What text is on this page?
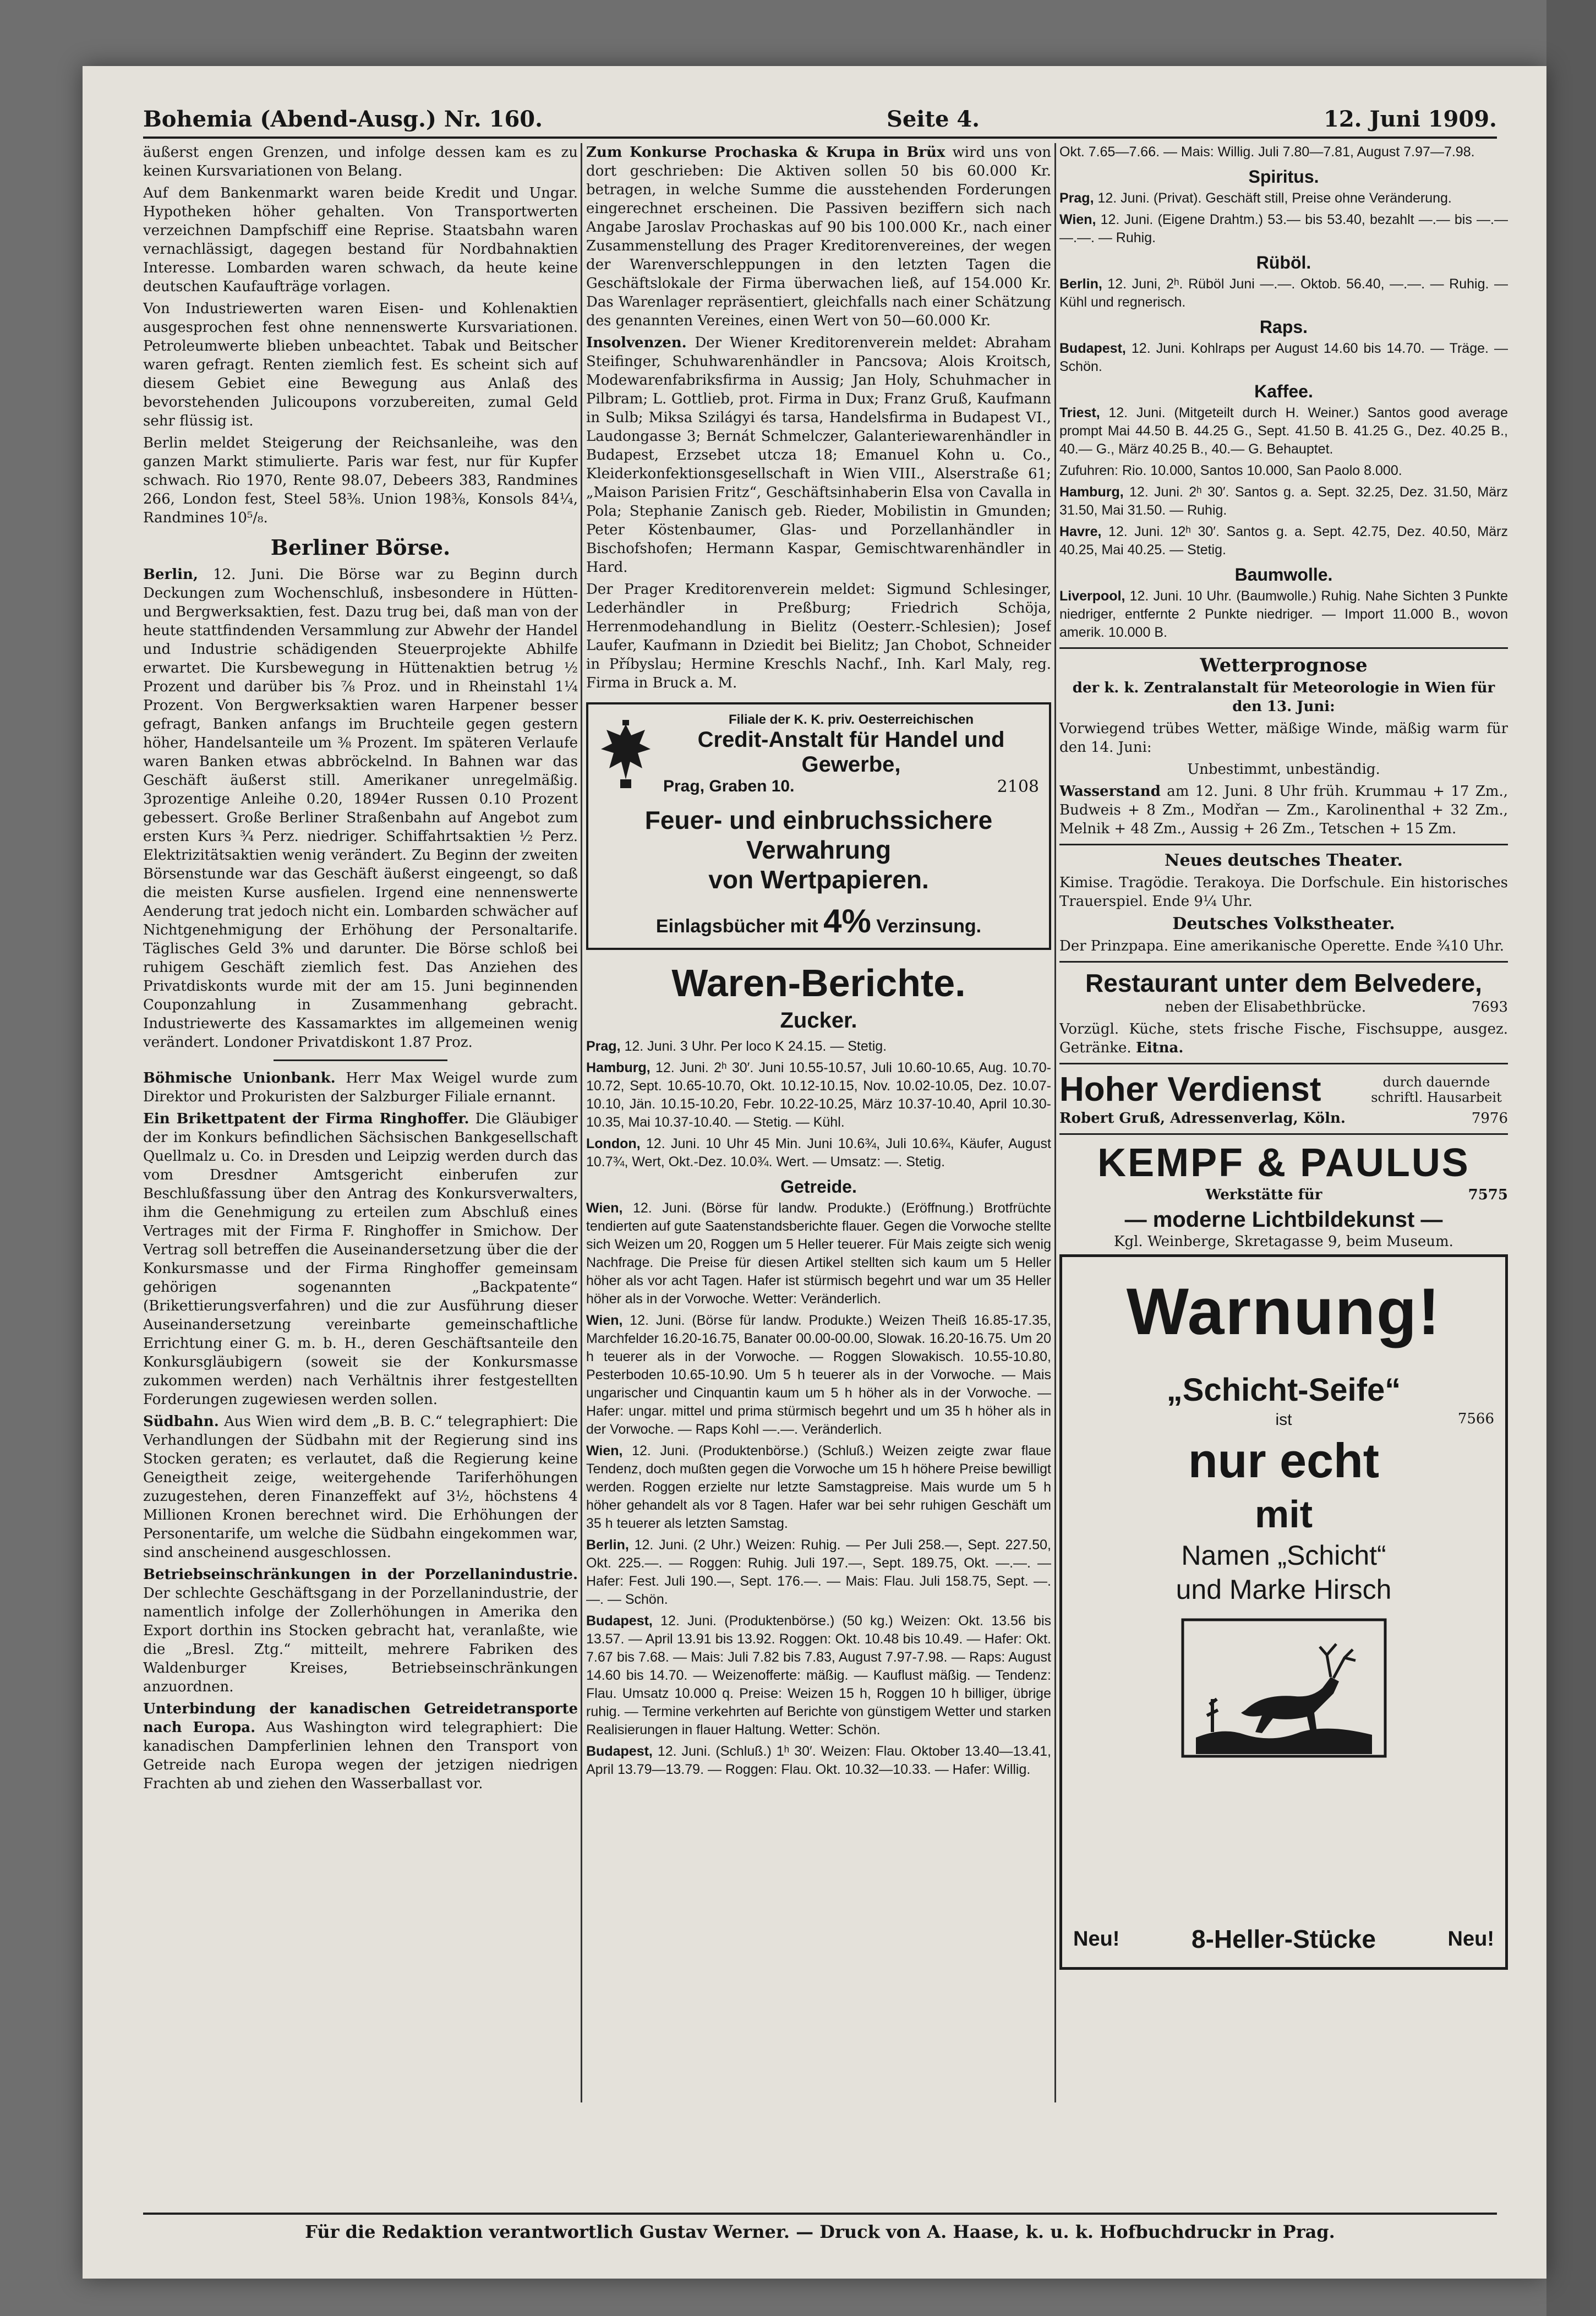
Bohemia (Abend-Ausg.) Nr. 160.	Seite 4.	12. Juni 1909.

äußerst engen Grenzen, und infolge dessen kam es zu keinen Kursvariationen von Belang.

Auf dem Bankenmarkt waren beide Kredit und Ungar. Hypotheken höher gehalten. Von Transportwerten verzeichnen Dampfschiff eine Reprise. Staatsbahn waren vernachlässigt, dagegen bestand für Nordbahnaktien Interesse. Lombarden waren schwach, da heute keine deutschen Kaufaufträge vorlagen.

Von Industriewerten waren Eisen- und Kohlenaktien ausgesprochen fest ohne nennenswerte Kursvariationen. Petroleumwerte blieben unbeachtet. Tabak und Beitscher waren gefragt. Renten ziemlich fest. Es scheint sich auf diesem Gebiet eine Bewegung aus Anlaß des bevorstehenden Julicoupons vorzubereiten, zumal Geld sehr flüssig ist.

Berlin meldet Steigerung der Reichsanleihe, was den ganzen Markt stimulierte. Paris war fest, nur für Kupfer schwach. Rio 1970, Rente 98.07, Debeers 383, Randmines 266, London fest, Steel 58⅜. Union 198⅜, Konsols 84¼, Randmines 10⁵/₈.

Berliner Börse.

Berlin, 12. Juni. Die Börse war zu Beginn durch Deckungen zum Wochenschluß, insbesondere in Hütten- und Bergwerksaktien, fest. Dazu trug bei, daß man von der heute stattfindenden Versammlung zur Abwehr der Handel und Industrie schädigenden Steuerprojekte Abhilfe erwartet. Die Kursbewegung in Hüttenaktien betrug ½ Prozent und darüber bis ⅞ Proz. und in Rheinstahl 1¼ Prozent. Von Bergwerksaktien waren Harpener besser gefragt, Banken anfangs im Bruchteile gegen gestern höher, Handelsanteile um ⅜ Prozent. Im späteren Verlaufe waren Banken etwas abbröckelnd. In Bahnen war das Geschäft äußerst still. Amerikaner unregelmäßig. 3prozentige Anleihe 0.20, 1894er Russen 0.10 Prozent gebessert. Große Berliner Straßenbahn auf Angebot zum ersten Kurs ¾ Perz. niedriger. Schiffahrtsaktien ½ Perz. Elektrizitätsaktien wenig verändert. Zu Beginn der zweiten Börsenstunde war das Geschäft äußerst eingeengt, so daß die meisten Kurse ausfielen. Irgend eine nennenswerte Aenderung trat jedoch nicht ein. Lombarden schwächer auf Nichtgenehmigung der Erhöhung der Personaltarife. Täglisches Geld 3% und darunter. Die Börse schloß bei ruhigem Geschäft ziemlich fest. Das Anziehen des Privatdiskonts wurde mit der am 15. Juni beginnenden Couponzahlung in Zusammenhang gebracht. Industriewerte des Kassamarktes im allgemeinen wenig verändert. Londoner Privatdiskont 1.87 Proz.

Böhmische Unionbank. Herr Max Weigel wurde zum Direktor und Prokuristen der Salzburger Filiale ernannt.

Ein Brikettpatent der Firma Ringhoffer. Die Gläubiger der im Konkurs befindlichen Sächsischen Bankgesellschaft Quellmalz u. Co. in Dresden und Leipzig werden durch das vom Dresdner Amtsgericht einberufen zur Beschlußfassung über den Antrag des Konkursverwalters, ihm die Genehmigung zu erteilen zum Abschluß eines Vertrages mit der Firma F. Ringhoffer in Smichow. Der Vertrag soll betreffen die Auseinandersetzung über die der Konkursmasse und der Firma Ringhoffer gemeinsam gehörigen sogenannten „Backpatente“ (Brikettierungsverfahren) und die zur Ausführung dieser Auseinandersetzung vereinbarte gemeinschaftliche Errichtung einer G. m. b. H., deren Geschäftsanteile den Konkursgläubigern (soweit sie der Konkursmasse zukommen werden) nach Verhältnis ihrer festgestellten Forderungen zugewiesen werden sollen.

Südbahn. Aus Wien wird dem „B. B. C.“ telegraphiert: Die Verhandlungen der Südbahn mit der Regierung sind ins Stocken geraten; es verlautet, daß die Regierung keine Geneigtheit zeige, weitergehende Tariferhöhungen zuzugestehen, deren Finanzeffekt auf 3½, höchstens 4 Millionen Kronen berechnet wird. Die Erhöhungen der Personentarife, um welche die Südbahn eingekommen war, sind anscheinend ausgeschlossen.

Betriebseinschränkungen in der Porzellanindustrie. Der schlechte Geschäftsgang in der Porzellanindustrie, der namentlich infolge der Zollerhöhungen in Amerika den Export dorthin ins Stocken gebracht hat, veranlaßte, wie die „Bresl. Ztg.“ mitteilt, mehrere Fabriken des Waldenburger Kreises, Betriebseinschränkungen anzuordnen.

Unterbindung der kanadischen Getreidetransporte nach Europa. Aus Washington wird telegraphiert: Die kanadischen Dampferlinien lehnen den Transport von Getreide nach Europa wegen der jetzigen niedrigen Frachten ab und ziehen den Wasserballast vor.

Zum Konkurse Prochaska & Krupa in Brüx wird uns von dort geschrieben: Die Aktiven sollen 50 bis 60.000 Kr. betragen, in welche Summe die ausstehenden Forderungen eingerechnet erscheinen. Die Passiven beziffern sich nach Angabe Jaroslav Prochaskas auf 90 bis 100.000 Kr., nach einer Zusammenstellung des Prager Kreditorenvereines, der wegen der Warenverschleppungen in den letzten Tagen die Geschäftslokale der Firma überwachen ließ, auf 154.000 Kr. Das Warenlager repräsentiert, gleichfalls nach einer Schätzung des genannten Vereines, einen Wert von 50—60.000 Kr.

Insolvenzen. Der Wiener Kreditorenverein meldet: Abraham Steifinger, Schuhwarenhändler in Pancsova; Alois Kroitsch, Modewarenfabriksfirma in Aussig; Jan Holy, Schuhmacher in Pilbram; L. Gottlieb, prot. Firma in Dux; Franz Gruß, Kaufmann in Sulb; Miksa Szilágyi és tarsa, Handelsfirma in Budapest VI., Laudongasse 3; Bernát Schmelczer, Galanteriewarenhändler in Budapest, Erzsebet utcza 18; Emanuel Kohn u. Co., Kleiderkonfektionsgesellschaft in Wien VIII., Alserstraße 61; „Maison Parisien Fritz“, Geschäftsinhaberin Elsa von Cavalla in Pola; Stephanie Zanisch geb. Rieder, Mobilistin in Gmunden; Peter Köstenbaumer, Glas- und Porzellanhändler in Bischofshofen; Hermann Kaspar, Gemischtwarenhändler in Hard.

Der Prager Kreditorenverein meldet: Sigmund Schlesinger, Lederhändler in Preßburg; Friedrich Schöja, Herrenmodehandlung in Bielitz (Oesterr.-Schlesien); Josef Laufer, Kaufmann in Dziedit bei Bielitz; Jan Chobot, Schneider in Příbyslau; Hermine Kreschls Nachf., Inh. Karl Maly, reg. Firma in Bruck a. M.

Filiale der K. K. priv. Oesterreichischen
Credit-Anstalt für Handel und Gewerbe,
Prag, Graben 10.	2108
Feuer- und einbruchssichere Verwahrung
von Wertpapieren.
Einlagsbücher mit 4% Verzinsung.
Waren-Berichte.
Zucker.

Prag, 12. Juni. 3 Uhr. Per loco K 24.15. — Stetig.

Hamburg, 12. Juni. 2ʰ 30′. Juni 10.55-10.57, Juli 10.60-10.65, Aug. 10.70-10.72, Sept. 10.65-10.70, Okt. 10.12-10.15, Nov. 10.02-10.05, Dez. 10.07-10.10, Jän. 10.15-10.20, Febr. 10.22-10.25, März 10.37-10.40, April 10.30-10.35, Mai 10.37-10.40. — Stetig. — Kühl.

London, 12. Juni. 10 Uhr 45 Min. Juni 10.6¾, Juli 10.6¾, Käufer, August 10.7¾, Wert, Okt.-Dez. 10.0¾. Wert. — Umsatz: —. Stetig.

Getreide.

Wien, 12. Juni. (Börse für landw. Produkte.) (Eröffnung.) Brotfrüchte tendierten auf gute Saatenstandsberichte flauer. Gegen die Vorwoche stellte sich Weizen um 20, Roggen um 5 Heller teuerer. Für Mais zeigte sich wenig Nachfrage. Die Preise für diesen Artikel stellten sich kaum um 5 Heller höher als vor acht Tagen. Hafer ist stürmisch begehrt und war um 35 Heller höher als in der Vorwoche. Wetter: Veränderlich.

Wien, 12. Juni. (Börse für landw. Produkte.) Weizen Theiß 16.85-17.35, Marchfelder 16.20-16.75, Banater 00.00-00.00, Slowak. 16.20-16.75. Um 20 h teuerer als in der Vorwoche. — Roggen Slowakisch. 10.55-10.80, Pesterboden 10.65-10.90. Um 5 h teuerer als in der Vorwoche. — Mais ungarischer und Cinquantin kaum um 5 h höher als in der Vorwoche. — Hafer: ungar. mittel und prima stürmisch begehrt und um 35 h höher als in der Vorwoche. — Raps Kohl —.—. Veränderlich.

Wien, 12. Juni. (Produktenbörse.) (Schluß.) Weizen zeigte zwar flaue Tendenz, doch mußten gegen die Vorwoche um 15 h höhere Preise bewilligt werden. Roggen erzielte nur letzte Samstagpreise. Mais wurde um 5 h höher gehandelt als vor 8 Tagen. Hafer war bei sehr ruhigen Geschäft um 35 h teuerer als letzten Samstag.

Berlin, 12. Juni. (2 Uhr.) Weizen: Ruhig. — Per Juli 258.—, Sept. 227.50, Okt. 225.—. — Roggen: Ruhig. Juli 197.—, Sept. 189.75, Okt. —.—. — Hafer: Fest. Juli 190.—, Sept. 176.—. — Mais: Flau. Juli 158.75, Sept. —.—. — Schön.

Budapest, 12. Juni. (Produktenbörse.) (50 kg.) Weizen: Okt. 13.56 bis 13.57. — April 13.91 bis 13.92. Roggen: Okt. 10.48 bis 10.49. — Hafer: Okt. 7.67 bis 7.68. — Mais: Juli 7.82 bis 7.83, August 7.97-7.98. — Raps: August 14.60 bis 14.70. — Weizenofferte: mäßig. — Kauflust mäßig. — Tendenz: Flau. Umsatz 10.000 q. Preise: Weizen 15 h, Roggen 10 h billiger, übrige ruhig. — Termine verkehrten auf Berichte von günstigem Wetter und starken Realisierungen in flauer Haltung. Wetter: Schön.

Budapest, 12. Juni. (Schluß.) 1ʰ 30′. Weizen: Flau. Oktober 13.40—13.41, April 13.79—13.79. — Roggen: Flau. Okt. 10.32—10.33. — Hafer: Willig.

Okt. 7.65—7.66. — Mais: Willig. Juli 7.80—7.81, August 7.97—7.98.

Spiritus.

Prag, 12. Juni. (Privat). Geschäft still, Preise ohne Veränderung.

Wien, 12. Juni. (Eigene Drahtm.) 53.— bis 53.40, bezahlt —.— bis —.— —.—. — Ruhig.

Rüböl.

Berlin, 12. Juni, 2ʰ. Rüböl Juni —.—. Oktob. 56.40, —.—. — Ruhig. — Kühl und regnerisch.

Raps.

Budapest, 12. Juni. Kohlraps per August 14.60 bis 14.70. — Träge. — Schön.

Kaffee.

Triest, 12. Juni. (Mitgeteilt durch H. Weiner.) Santos good average prompt Mai 44.50 B. 44.25 G., Sept. 41.50 B. 41.25 G., Dez. 40.25 B., 40.— G., März 40.25 B., 40.— G. Behauptet.

Zufuhren: Rio. 10.000, Santos 10.000, San Paolo 8.000.

Hamburg, 12. Juni. 2ʰ 30′. Santos g. a. Sept. 32.25, Dez. 31.50, März 31.50, Mai 31.50. — Ruhig.

Havre, 12. Juni. 12ʰ 30′. Santos g. a. Sept. 42.75, Dez. 40.50, März 40.25, Mai 40.25. — Stetig.

Baumwolle.

Liverpool, 12. Juni. 10 Uhr. (Baumwolle.) Ruhig. Nahe Sichten 3 Punkte niedriger, entfernte 2 Punkte niedriger. — Import 11.000 B., wovon amerik. 10.000 B.

Wetterprognose

der k. k. Zentralanstalt für Meteorologie in Wien für den 13. Juni:

Vorwiegend trübes Wetter, mäßige Winde, mäßig warm für den 14. Juni:

Unbestimmt, unbeständig.

Wasserstand am 12. Juni. 8 Uhr früh. Krummau + 17 Zm., Budweis + 8 Zm., Modřan — Zm., Karolinenthal + 32 Zm., Melnik + 48 Zm., Aussig + 26 Zm., Tetschen + 15 Zm.

Neues deutsches Theater.

Kimise. Tragödie. Terakoya. Die Dorfschule. Ein historisches Trauerspiel. Ende 9¼ Uhr.

Deutsches Volkstheater.

Der Prinzpapa. Eine amerikanische Operette. Ende ¾10 Uhr.

Restaurant unter dem Belvedere,

neben der Elisabethbrücke.	7693

Vorzügl. Küche, stets frische Fische, Fischsuppe, ausgez. Getränke. Eitna.

Hoher Verdienst	durch dauernde schriftl. Hausarbeit

Robert Gruß, Adressenverlag, Köln.	7976

KEMPF & PAULUS

Werkstätte für	7575

— moderne Lichtbildekunst —

Kgl. Weinberge, Skretagasse 9, beim Museum.

Warnung!
„Schicht-Seife“
ist	7566
nur echt
mit
Namen „Schicht“
und Marke Hirsch
Neu!	8-Heller-Stücke	Neu!
Für die Redaktion verantwortlich Gustav Werner. — Druck von A. Haase, k. u. k. Hofbuchdruckr in Prag.
